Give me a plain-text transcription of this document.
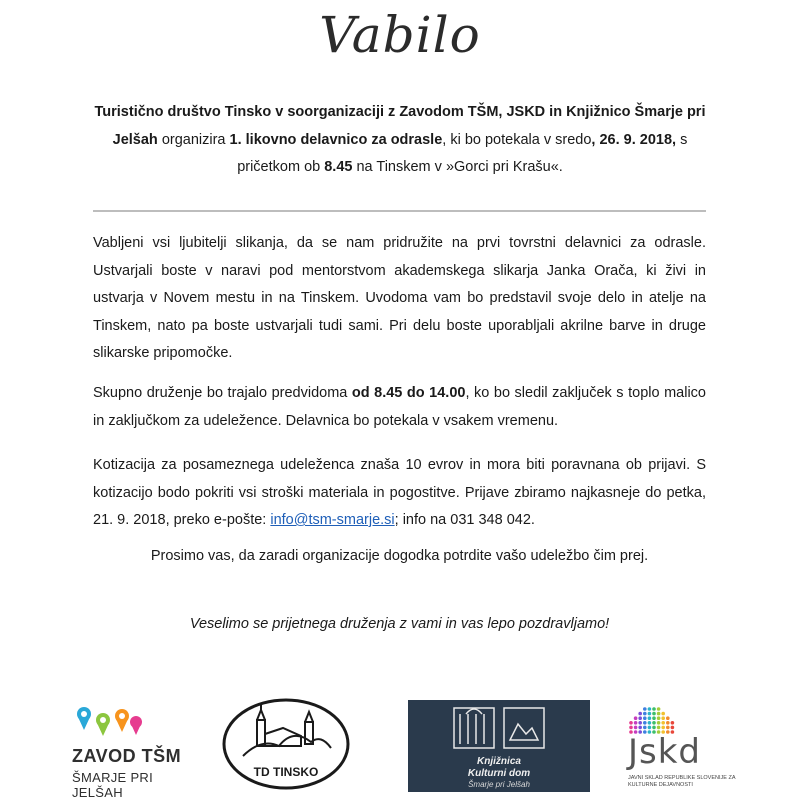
Vabilo
Turistično društvo Tinsko v soorganizaciji z Zavodom TŠM, JSKD in Knjižnico Šmarje pri Jelšah organizira 1. likovno delavnico za odrasle, ki bo potekala v sredo, 26. 9. 2018, s pričetkom ob 8.45 na Tinskem v »Gorci pri Krašu«.
Vabljeni vsi ljubitelji slikanja, da se nam pridružite na prvi tovrstni delavnici za odrasle. Ustvarjali boste v naravi pod mentorstvom akademskega slikarja Janka Orača, ki živi in ustvarja v Novem mestu in na Tinskem. Uvodoma vam bo predstavil svoje delo in atelje na Tinskem, nato pa boste ustvarjali tudi sami. Pri delu boste uporabljali akrilne barve in druge slikarske pripomočke.
Skupno druženje bo trajalo predvidoma od 8.45 do 14.00, ko bo sledil zaključek s toplo malico in zaključkom za udeležence. Delavnica bo potekala v vsakem vremenu.
Kotizacija za posameznega udeleženca znaša 10 evrov in mora biti poravnana ob prijavi. S kotizacijo bodo pokriti vsi stroški materiala in pogostitve. Prijave zbiramo najkasneje do petka, 21. 9. 2018, preko e-pošte: info@tsm-smarje.si; info na 031 348 042.
Prosimo vas, da zaradi organizacije dogodka potrdite vašo udeležbo čim prej.
Veselimo se prijetnega druženja z vami in vas lepo pozdravljamo!
ZAVOD TŠM
ŠMARJE PRI JELŠAH
TD TINSKO
Knjižnica
Kulturni dom
Šmarje pri Jelšah
Jskd
JAVNI SKLAD REPUBLIKE SLOVENIJE ZA KULTURNE DEJAVNOSTI
